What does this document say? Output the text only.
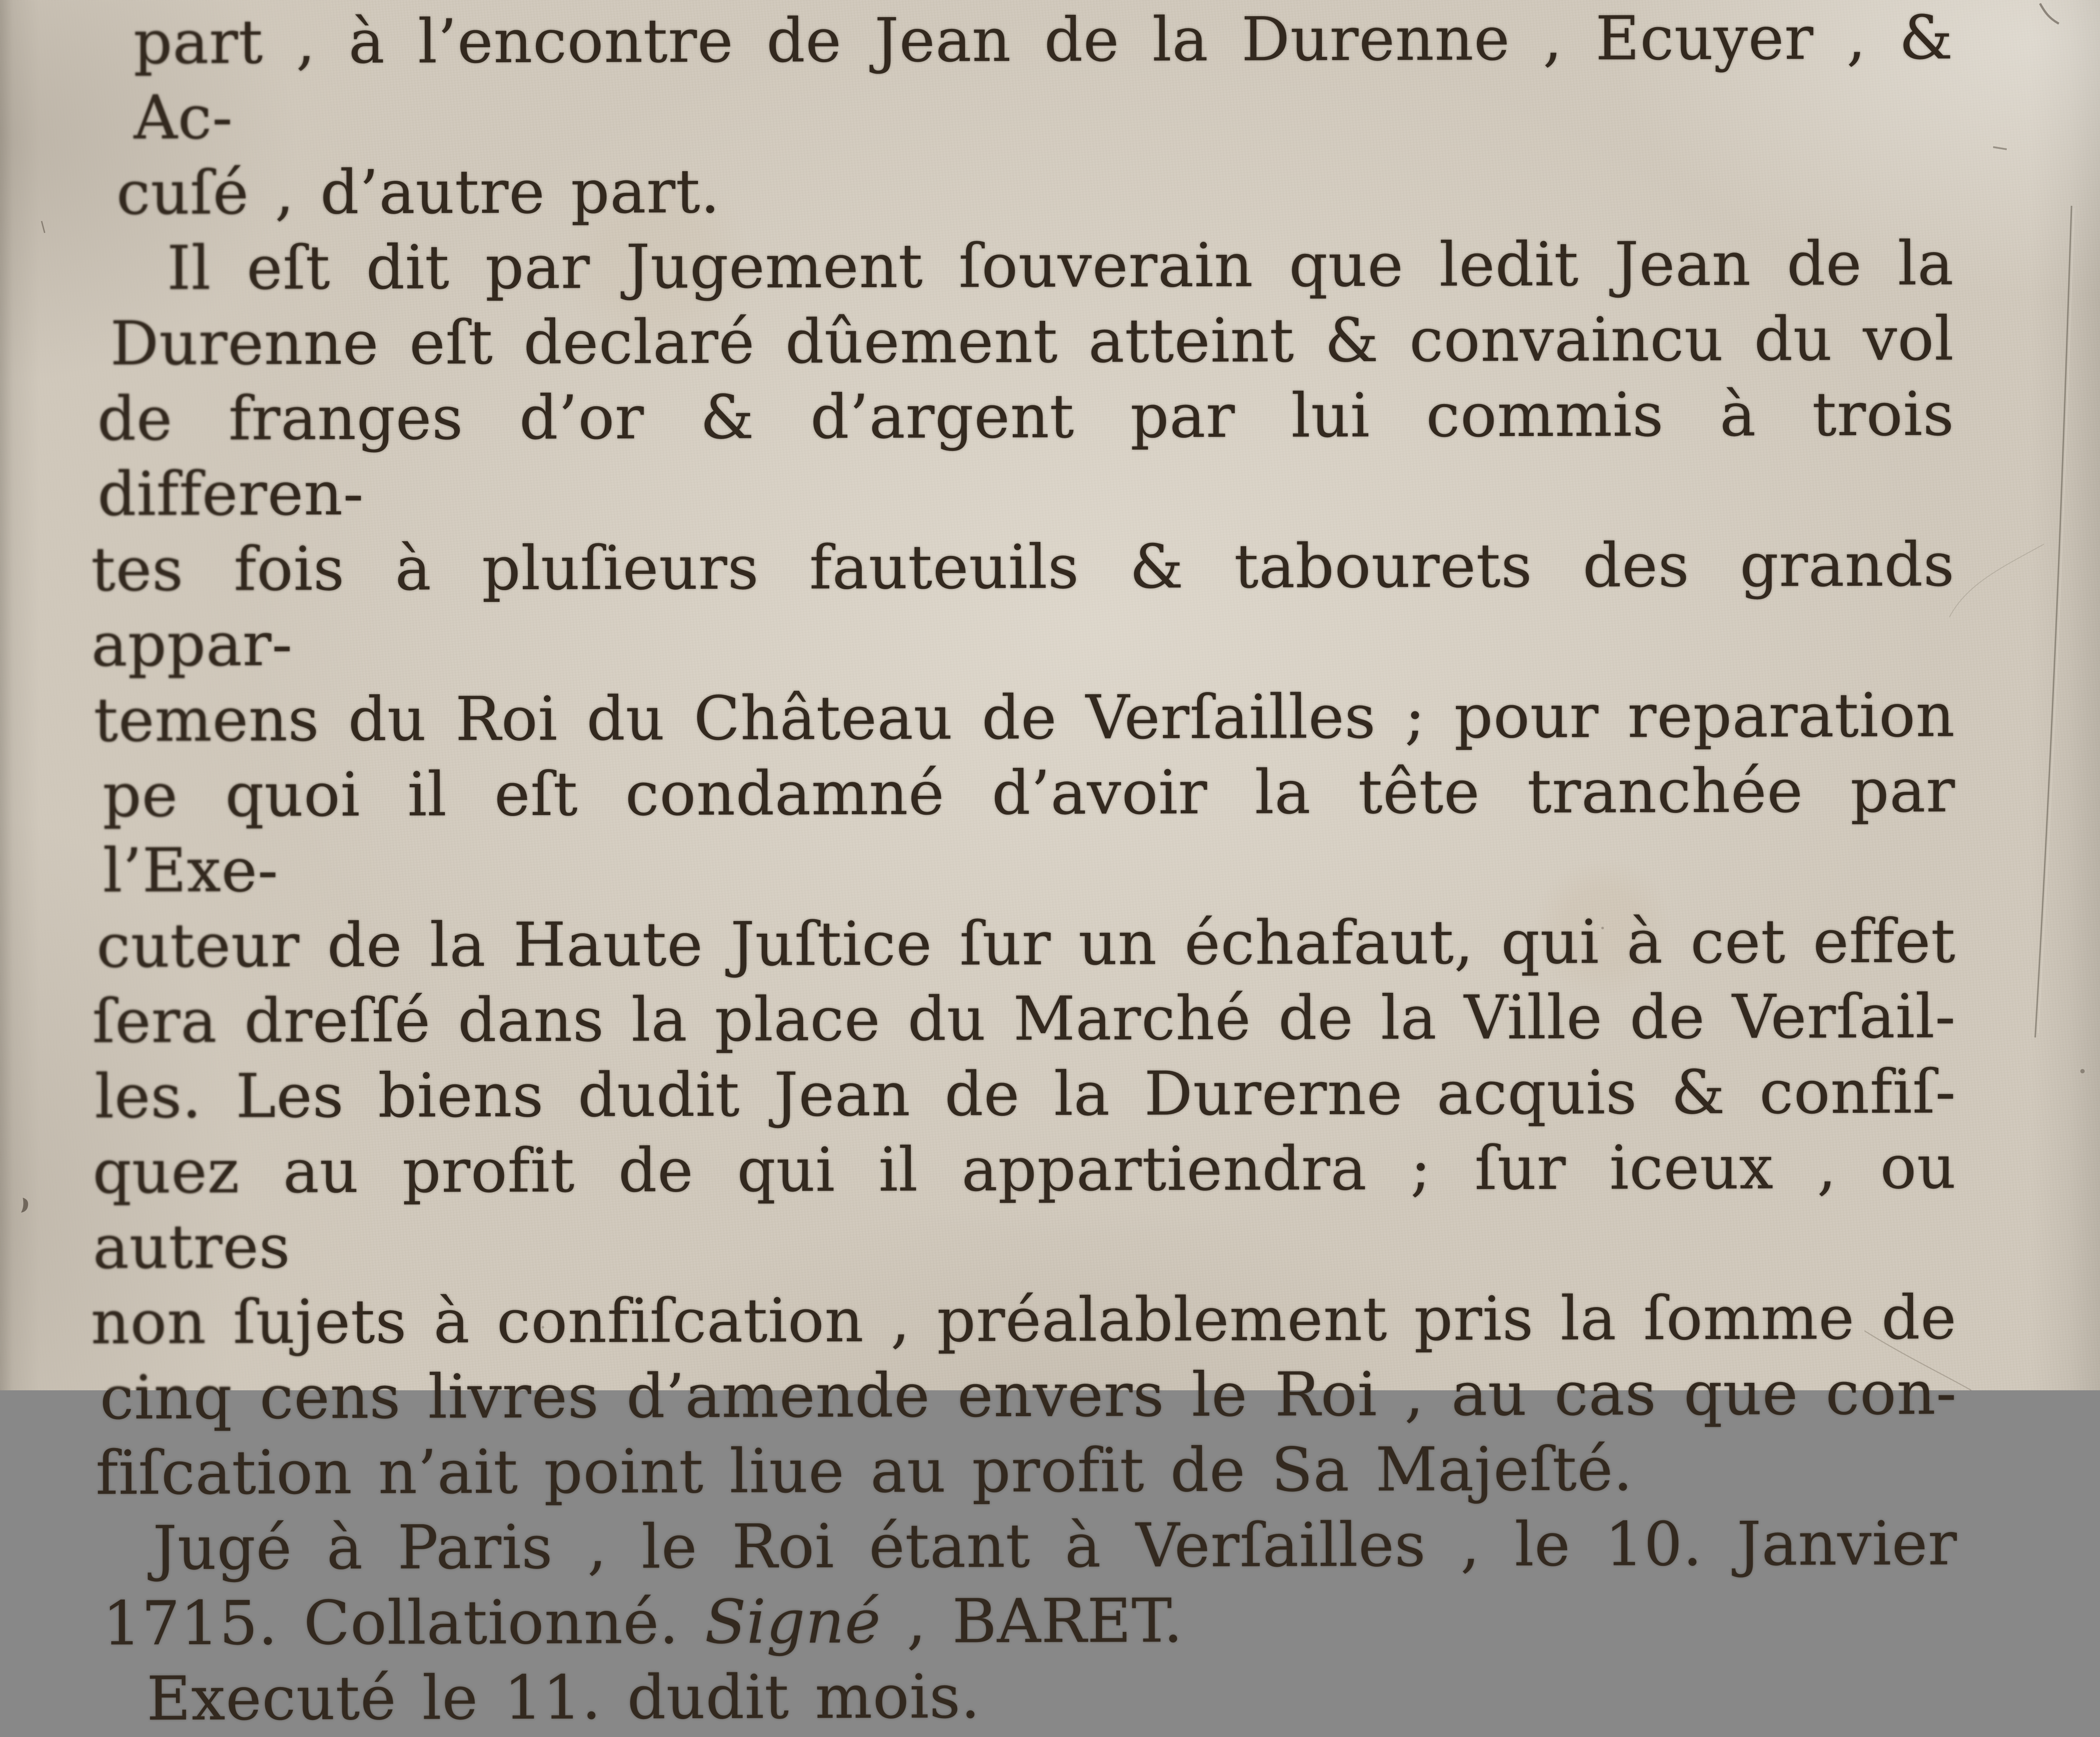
part , à l’encontre de Jean de la Durenne , Ecuyer , & Ac-
cuſé , d’autre part.
Il eſt dit par Jugement ſouverain que ledit Jean de la
Durenne eſt declaré dûement atteint & convaincu du vol
de franges d’or & d’argent par lui commis à trois differen-
tes fois à pluſieurs fauteuils & tabourets des grands appar-
temens du Roi du Château de Verſailles ; pour reparation
pe quoi il eſt condamné d’avoir la tête tranchée par l’Exe-
cuteur de la Haute Juſtice ſur un échafaut, qui à cet effet
ſera dreſſé dans la place du Marché de la Ville de Verſail-
les. Les biens dudit Jean de la Durerne acquis & confiſ-
quez au profit de qui il appartiendra ; ſur iceux , ou autres
non ſujets à confiſcation , préalablement pris la ſomme de
cinq cens livres d’amende envers le Roi , au cas que con-
fiſcation n’ait point liue au profit de Sa Majeſté.
Jugé à Paris , le Roi étant à Verſailles , le 10. Janvier
1715. Collationné. Signé , BARET.
Executé le 11. dudit mois.
